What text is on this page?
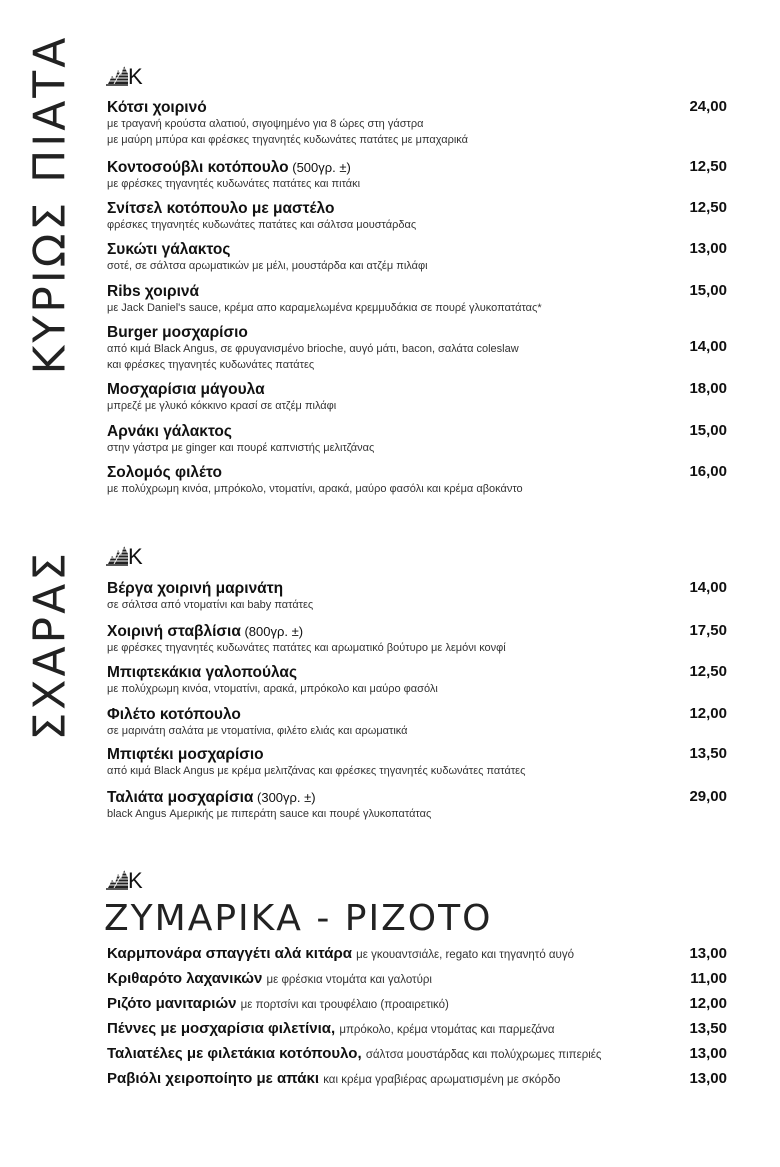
K
K
K
ΚΥΡΙΩΣ ΠΙΑΤΑ
ΣΧΑΡΑΣ
ΖΥΜΑΡΙΚΑ - ΡΙΖΟΤΟ
Κότσι χοιρινό
με τραγανή κρούστα αλατιού, σιγοψημένο για 8 ώρες στη γάστρα
με μαύρη μπύρα και φρέσκες τηγανητές κυδωνάτες πατάτες με μπαχαρικά
24,00
Κοντοσούβλι κοτόπουλο (500γρ. ±)
με φρέσκες τηγανητές κυδωνάτες πατάτες και πιτάκι
12,50
Σνίτσελ κοτόπουλο με μαστέλο
φρέσκες τηγανητές κυδωνάτες πατάτες και σάλτσα μουστάρδας
12,50
Συκώτι γάλακτος
σοτέ, σε σάλτσα αρωματικών με μέλι, μουστάρδα και ατζέμ πιλάφι
13,00
Ribs χοιρινά
με Jack Daniel's sauce, κρέμα απο καραμελωμένα κρεμμυδάκια σε πουρέ γλυκοπατάτας*
15,00
Burger μοσχαρίσιο
από κιμά Black Angus, σε φρυγανισμένο brioche, αυγό μάτι, bacon, σαλάτα coleslaw
και φρέσκες τηγανητές κυδωνάτες πατάτες
14,00
Μοσχαρίσια μάγουλα
μπρεζέ με γλυκό κόκκινο κρασί σε ατζέμ πιλάφι
18,00
Αρνάκι γάλακτος
στην γάστρα με ginger και πουρέ καπνιστής μελιτζάνας
15,00
Σολομός φιλέτο
με πολύχρωμη κινόα, μπρόκολο, ντοματίνι, αρακά, μαύρο φασόλι και κρέμα αβοκάντο
16,00
Βέργα χοιρινή μαρινάτη
σε σάλτσα από ντοματίνι και baby πατάτες
14,00
Χοιρινή σταβλίσια (800γρ. ±)
με φρέσκες τηγανητές κυδωνάτες πατάτες και αρωματικό βούτυρο με λεμόνι κονφί
17,50
Μπιφτεκάκια γαλοπούλας
με πολύχρωμη κινόα, ντοματίνι, αρακά, μπρόκολο και μαύρο φασόλι
12,50
Φιλέτο κοτόπουλο
σε μαρινάτη σαλάτα με ντοματίνια, φιλέτο ελιάς και αρωματικά
12,00
Μπιφτέκι μοσχαρίσιο
από κιμά Black Angus με κρέμα μελιτζάνας και φρέσκες τηγανητές κυδωνάτες πατάτες
13,50
Ταλιάτα μοσχαρίσια (300γρ. ±)
black Angus Αμερικής με πιπεράτη sauce και πουρέ γλυκοπατάτας
29,00
Καρμπονάρα σπαγγέτι αλά κιτάρα με γκουαντσιάλε, regato και τηγανητό αυγό	13,00
Κριθαρότο λαχανικών με φρέσκια ντομάτα και γαλοτύρι	11,00
Ριζότο μανιταριών με πορτσίνι και τρουφέλαιο (προαιρετικό)	12,00
Πέννες με μοσχαρίσια φιλετίνια, μπρόκολο, κρέμα ντομάτας και παρμεζάνα	13,50
Ταλιατέλες με φιλετάκια κοτόπουλο, σάλτσα μουστάρδας και πολύχρωμες πιπεριές	13,00
Ραβιόλι χειροποίητο με απάκι και κρέμα γραβιέρας αρωματισμένη με σκόρδο	13,00
